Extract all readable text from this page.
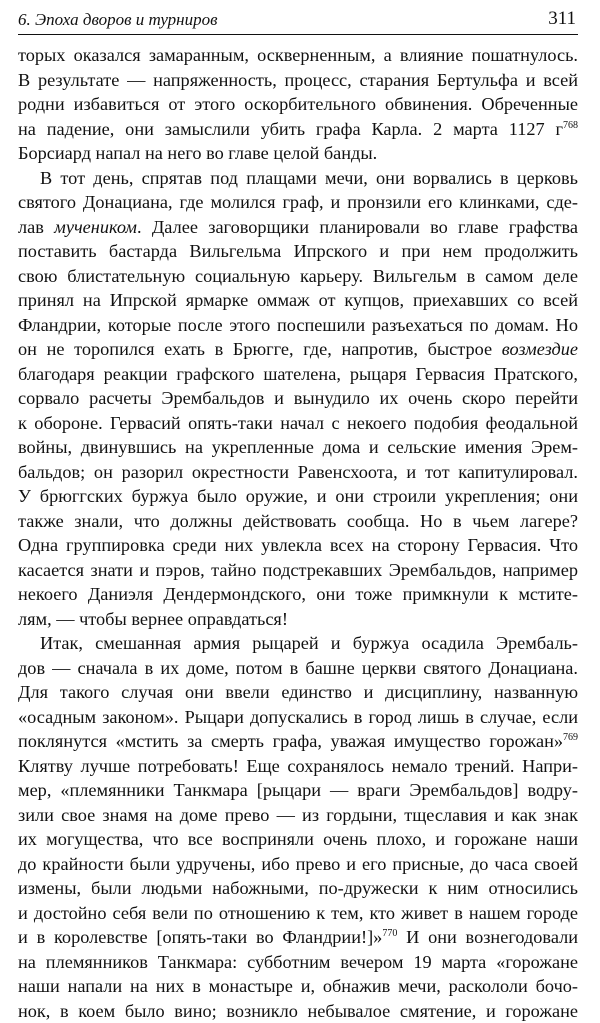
6. Эпоха дворов и турниров	311
торых оказался замаранным, оскверненным, а влияние пошатнулось.
В результате — напряженность, процесс, старания Бертульфа и всей
родни избавиться от этого оскорбительного обвинения. Обреченные
на падение, они замыслили убить графа Карла. 2 марта 1127 $г^{768}$
Борсиард напал на него во главе целой банды.
В тот день, спрятав под плащами мечи, они ворвались в церковь
святого Донациана, где молился граф, и пронзили его клинками, сде-
лав мучеником. Далее заговорщики планировали во главе графства
поставить бастарда Вильгельма Ипрского и при нем продолжить
свою блистательную социальную карьеру. Вильгельм в самом деле
принял на Ипрской ярмарке оммаж от купцов, приехавших со всей
Фландрии, которые после этого поспешили разъехаться по домам. Но
он не торопился ехать в Брюгге, где, напротив, быстрое возмездие
благодаря реакции графского шателена, рыцаря Гервасия Пратского,
сорвало расчеты Эрембальдов и вынудило их очень скоро перейти
к обороне. Гервасий опять-таки начал с некоего подобия феодальной
войны, двинувшись на укрепленные дома и сельские имения Эрем-
бальдов; он разорил окрестности Равенсхоота, и тот капитулировал.
У брюггских буржуа было оружие, и они строили укрепления; они
также знали, что должны действовать сообща. Но в чьем лагере?
Одна группировка среди них увлекла всех на сторону Гервасия. Что
касается знати и пэров, тайно подстрекавших Эрембальдов, например
некоего Даниэля Дендермондского, они тоже примкнули к мстите-
лям, — чтобы вернее оправдаться!
Итак, смешанная армия рыцарей и буржуа осадила Эрембаль-
дов — сначала в их доме, потом в башне церкви святого Донациана.
Для такого случая они ввели единство и дисциплину, названную
«осадным законом». Рыцари допускались в город лишь в случае, если
поклянутся «мстить за смерть графа, уважая имущество горожан»$^{769}$
Клятву лучше потребовать! Еще сохранялось немало трений. Напри-
мер, «племянники Танкмара [рыцари — враги Эрембальдов] водру-
зили свое знамя на доме прево — из гордыни, тщеславия и как знак
их могущества, что все восприняли очень плохо, и горожане наши
до крайности были удручены, ибо прево и его присные, до часа своей
измены, были людьми набожными, по-дружески к ним относились
и достойно себя вели по отношению к тем, кто живет в нашем городе
и в королевстве [опять-таки во Фландрии!]»$^{770}$ И они вознегодовали
на племянников Танкмара: субботним вечером 19 марта «горожане
наши напали на них в монастыре и, обнажив мечи, раскололи бочо-
нок, в коем было вино; возникло небывалое смятение, и горожане
